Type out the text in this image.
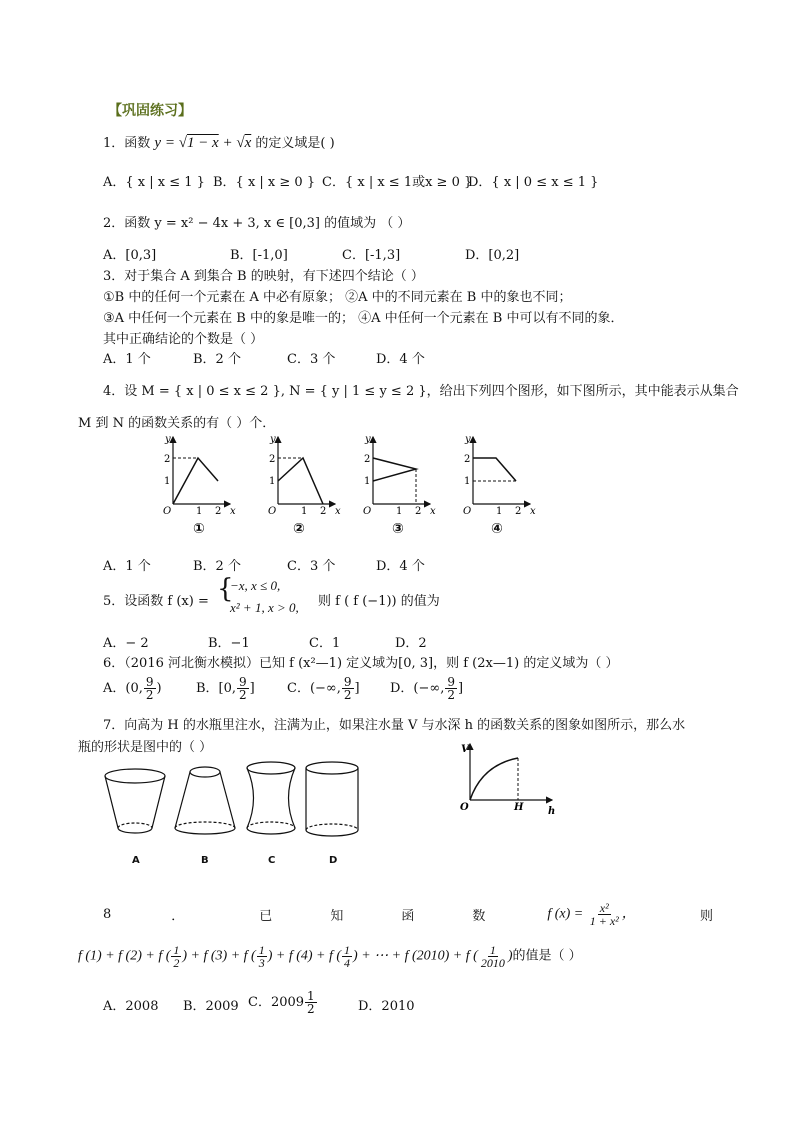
【巩固练习】
1．函数 y = √1 − x + √x 的定义域是( )
A．{ x | x ≤ 1 } B．{ x | x ≥ 0 } C．{ x | x ≤ 1或x ≥ 0 }
D．{ x | 0 ≤ x ≤ 1 }
2．函数 y = x² − 4x + 3, x ∈ [0,3] 的值域为 （ ）
A．[0,3]	B．[-1,0]	C．[-1,3]	D．[0,2]
3．对于集合 A 到集合 B 的映射，有下述四个结论（ ）
①B 中的任何一个元素在 A 中必有原象； ②A 中的不同元素在 B 中的象也不同；
③A 中任何一个元素在 B 中的象是唯一的； ④A 中任何一个元素在 B 中可以有不同的象．
其中正确结论的个数是（ ）
A．1 个	B．2 个	C．3 个	D．4 个
4．设 M = { x | 0 ≤ x ≤ 2 }, N = { y | 1 ≤ y ≤ 2 }，给出下列四个图形，如下图所示，其中能表示从集合
M 到 N 的函数关系的有（ ）个．
y
x
O
2
1
1 2
y
x
O
2
1
1 2
y
x
O
2
1
1 2
y
x
O
2
1
1 2
①	②	③	④
A．1 个	B．2 个	C．3 个	D．4 个
5．设函数 f (x) = {
−x, x ≤ 0,
x² + 1, x > 0, 则 f ( f (−1)) 的值为
A．− 2	B．−1	C．1	D．2
6．（2016 河北衡水模拟）已知 f (x²—1) 定义域为[0, 3]，则 f (2x—1) 的定义域为（ ）
A．(0, $\frac{9}{2}$ )	B．[0, $\frac{9}{2}$ ] C．(−∞, $\frac{9}{2}$ ] D．(−∞, $\frac{9}{2}$ ]
7．向高为 H 的水瓶里注水，注满为止，如果注水量 V 与水深 h 的函数关系的图象如图所示，那么水
瓶的形状是图中的（ ）
A	B	C	D
V
O	H h
8	．	已	知	函	数	f $(x) = \frac{\text{x²}}{\text{1 + x²}}$ ，	则
f (1) + f (2) + f ( $\frac{1}{2}$ ) + f (3) + f ( $\frac{1}{3}$ ) + f (4) + f ( $\frac{1}{4}$ ) + ⋯ + f (2010) + f ( $\frac{1}{2010}$ )的值是（ ）
A．2008 B．2009 C．$2009 \frac{1}{2}$	D．2010
